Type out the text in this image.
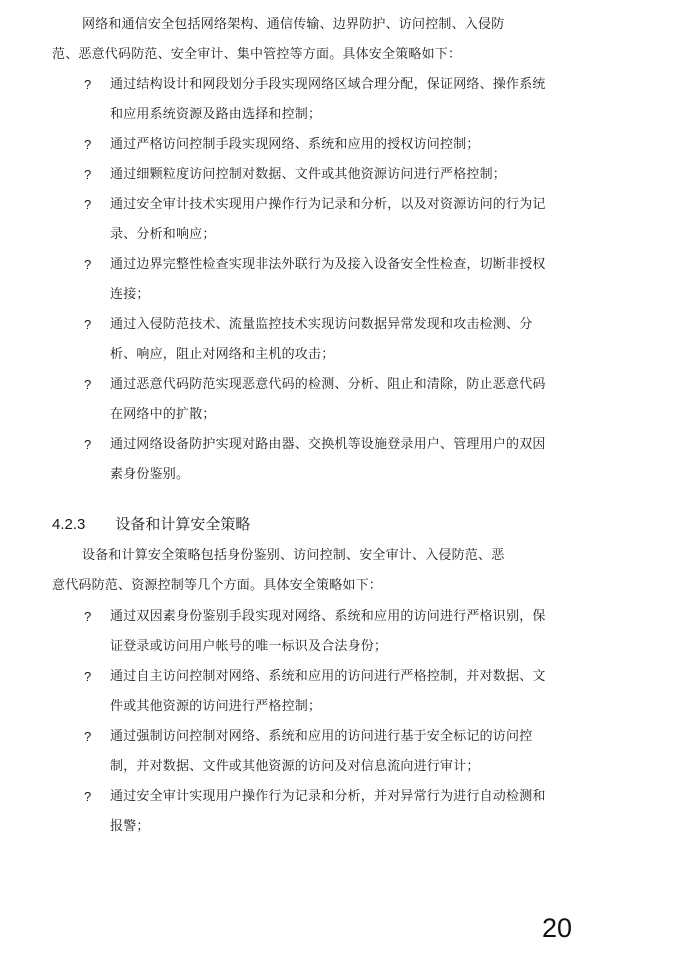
网络和通信安全包括网络架构、通信传输、边界防护、访问控制、入侵防
范、恶意代码防范、安全审计、集中管控等方面。具体安全策略如下：
? 通过结构设计和网段划分手段实现网络区域合理分配，保证网络、操作系统和应用系统资源及路由选择和控制；
? 通过严格访问控制手段实现网络、系统和应用的授权访问控制；
? 通过细颗粒度访问控制对数据、文件或其他资源访问进行严格控制；
? 通过安全审计技术实现用户操作行为记录和分析，以及对资源访问的行为记录、分析和响应；
? 通过边界完整性检查实现非法外联行为及接入设备安全性检查，切断非授权连接；
? 通过入侵防范技术、流量监控技术实现访问数据异常发现和攻击检测、分析、响应，阻止对网络和主机的攻击；
? 通过恶意代码防范实现恶意代码的检测、分析、阻止和清除，防止恶意代码在网络中的扩散；
? 通过网络设备防护实现对路由器、交换机等设施登录用户、管理用户的双因素身份鉴别。
4.2.3 设备和计算安全策略
设备和计算安全策略包括身份鉴别、访问控制、安全审计、入侵防范、恶
意代码防范、资源控制等几个方面。具体安全策略如下：
? 通过双因素身份鉴别手段实现对网络、系统和应用的访问进行严格识别，保证登录或访问用户帐号的唯一标识及合法身份；
? 通过自主访问控制对网络、系统和应用的访问进行严格控制，并对数据、文件或其他资源的访问进行严格控制；
? 通过强制访问控制对网络、系统和应用的访问进行基于安全标记的访问控制，并对数据、文件或其他资源的访问及对信息流向进行审计；
? 通过安全审计实现用户操作行为记录和分析，并对异常行为进行自动检测和报警；
20
